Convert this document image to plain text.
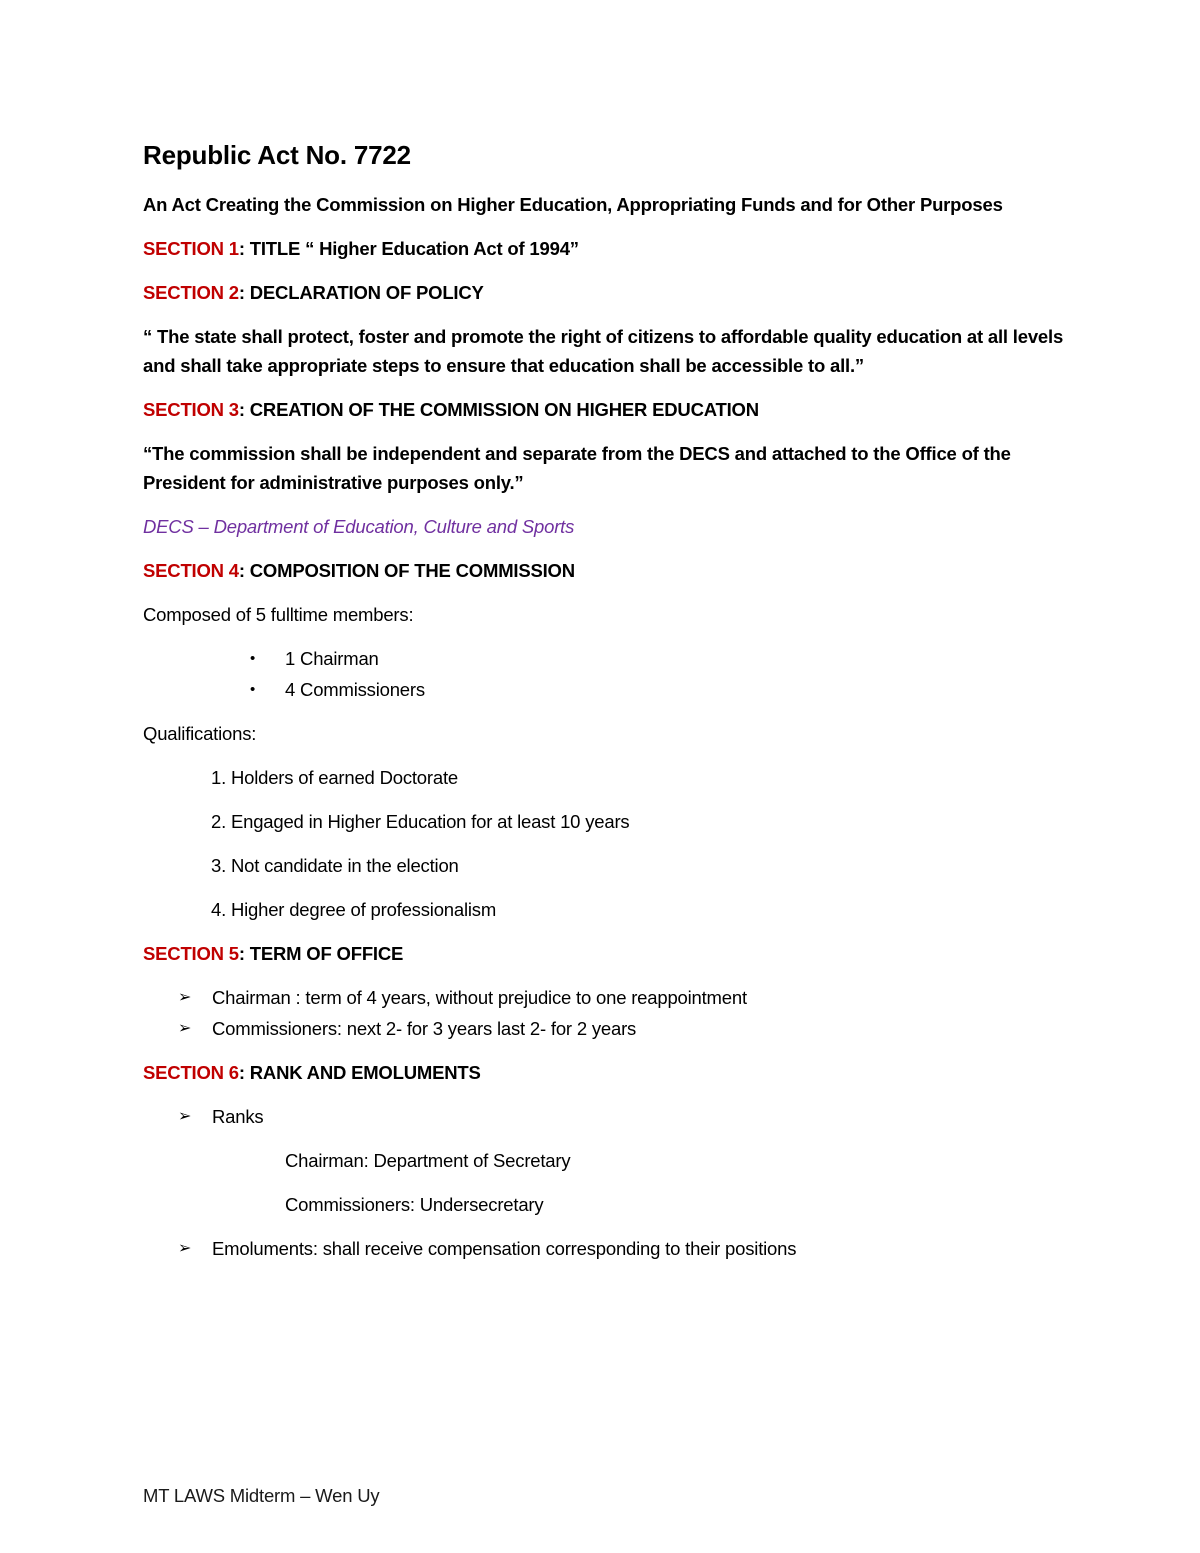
Republic Act No. 7722

An Act Creating the Commission on Higher Education, Appropriating Funds and for Other Purposes

SECTION 1: TITLE “ Higher Education Act of 1994”

SECTION 2: DECLARATION OF POLICY

“ The state shall protect, foster and promote the right of citizens to affordable quality education at all levels and shall take appropriate steps to ensure that education shall be accessible to all.”

SECTION 3: CREATION OF THE COMMISSION ON HIGHER EDUCATION

“The commission shall be independent and separate from the DECS and attached to the Office of the President for administrative purposes only.”

DECS – Department of Education, Culture and Sports

SECTION 4: COMPOSITION OF THE COMMISSION

Composed of 5 fulltime members:

•	1 Chairman
•	4 Commissioners

Qualifications:

1. Holders of earned Doctorate
2. Engaged in Higher Education for at least 10 years
3. Not candidate in the election
4. Higher degree of professionalism

SECTION 5: TERM OF OFFICE

➢	Chairman : term of 4 years, without prejudice to one reappointment
➢	Commissioners: next 2- for 3 years last 2- for 2 years

SECTION 6: RANK AND EMOLUMENTS

➢	Ranks
Chairman: Department of Secretary
Commissioners: Undersecretary
➢	Emoluments: shall receive compensation corresponding to their positions
MT LAWS Midterm – Wen Uy
